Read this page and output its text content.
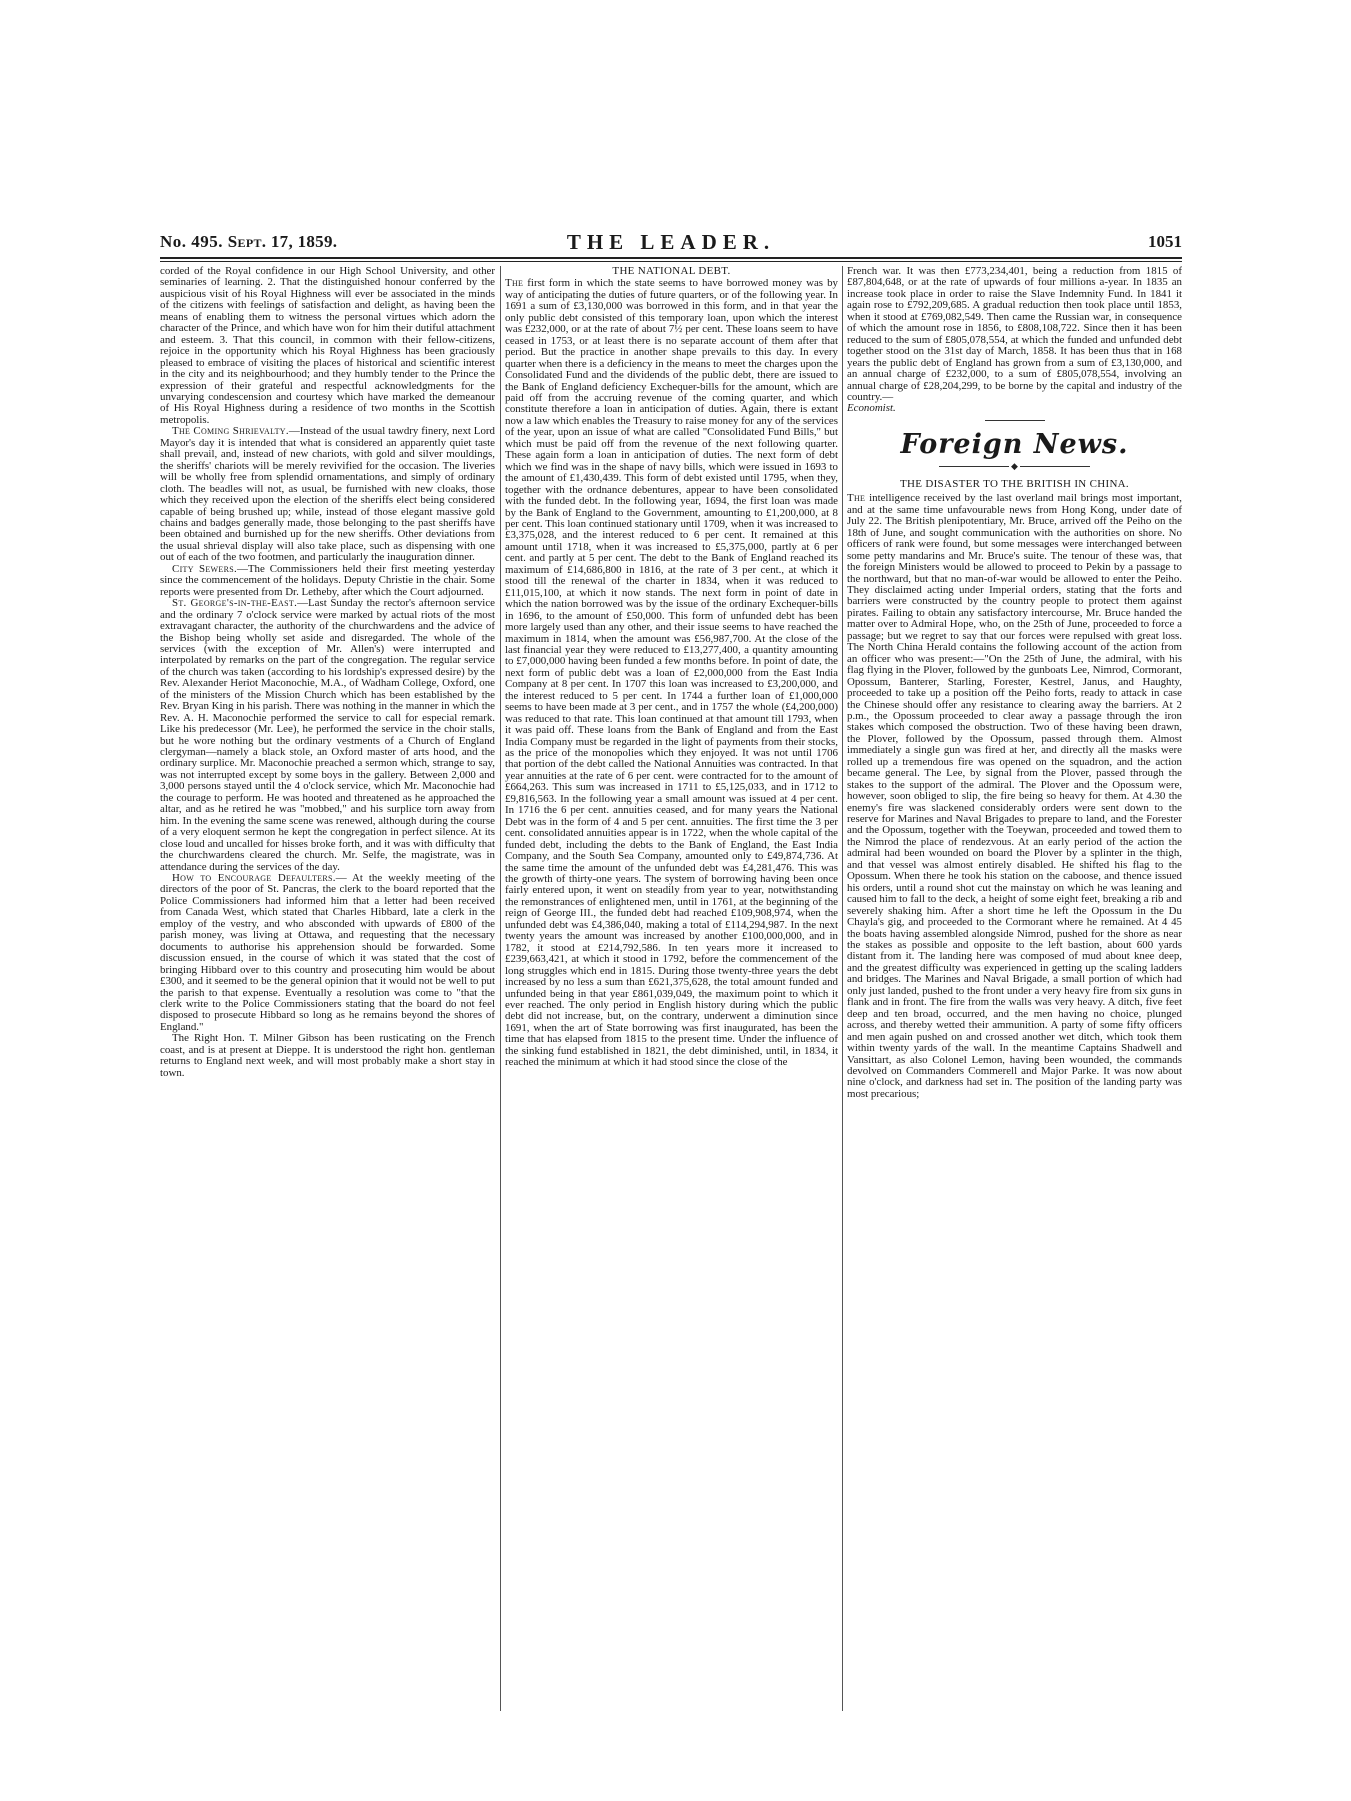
No. 495. Sept. 17, 1859.	THE LEADER.	1051

corded of the Royal confidence in our High School University, and other seminaries of learning. 2. That the distinguished honour conferred by the auspicious visit of his Royal Highness will ever be associated in the minds of the citizens with feelings of satisfaction and delight, as having been the means of enabling them to witness the personal virtues which adorn the character of the Prince, and which have won for him their dutiful attachment and esteem. 3. That this council, in common with their fellow-citizens, rejoice in the opportunity which his Royal Highness has been graciously pleased to embrace of visiting the places of historical and scientific interest in the city and its neighbourhood; and they humbly tender to the Prince the expression of their grateful and respectful acknowledgments for the unvarying condescension and courtesy which have marked the demeanour of His Royal Highness during a residence of two months in the Scottish metropolis.

The Coming Shrievalty.—Instead of the usual tawdry finery, next Lord Mayor's day it is intended that what is considered an apparently quiet taste shall prevail, and, instead of new chariots, with gold and silver mouldings, the sheriffs' chariots will be merely revivified for the occasion. The liveries will be wholly free from splendid ornamentations, and simply of ordinary cloth. The beadles will not, as usual, be furnished with new cloaks, those which they received upon the election of the sheriffs elect being considered capable of being brushed up; while, instead of those elegant massive gold chains and badges generally made, those belonging to the past sheriffs have been obtained and burnished up for the new sheriffs. Other deviations from the usual shrieval display will also take place, such as dispensing with one out of each of the two footmen, and particularly the inauguration dinner.

City Sewers.—The Commissioners held their first meeting yesterday since the commencement of the holidays. Deputy Christie in the chair. Some reports were presented from Dr. Letheby, after which the Court adjourned.

St. George's-in-the-East.—Last Sunday the rector's afternoon service and the ordinary 7 o'clock service were marked by actual riots of the most extravagant character, the authority of the churchwardens and the advice of the Bishop being wholly set aside and disregarded. The whole of the services (with the exception of Mr. Allen's) were interrupted and interpolated by remarks on the part of the congregation. The regular service of the church was taken (according to his lordship's expressed desire) by the Rev. Alexander Heriot Maconochie, M.A., of Wadham College, Oxford, one of the ministers of the Mission Church which has been established by the Rev. Bryan King in his parish. There was nothing in the manner in which the Rev. A. H. Maconochie performed the service to call for especial remark. Like his predecessor (Mr. Lee), he performed the service in the choir stalls, but he wore nothing but the ordinary vestments of a Church of England clergyman—namely a black stole, an Oxford master of arts hood, and the ordinary surplice. Mr. Maconochie preached a sermon which, strange to say, was not interrupted except by some boys in the gallery. Between 2,000 and 3,000 persons stayed until the 4 o'clock service, which Mr. Maconochie had the courage to perform. He was hooted and threatened as he approached the altar, and as he retired he was "mobbed," and his surplice torn away from him. In the evening the same scene was renewed, although during the course of a very eloquent sermon he kept the congregation in perfect silence. At its close loud and uncalled for hisses broke forth, and it was with difficulty that the churchwardens cleared the church. Mr. Selfe, the magistrate, was in attendance during the services of the day.

How to Encourage Defaulters.— At the weekly meeting of the directors of the poor of St. Pancras, the clerk to the board reported that the Police Commissioners had informed him that a letter had been received from Canada West, which stated that Charles Hibbard, late a clerk in the employ of the vestry, and who absconded with upwards of £800 of the parish money, was living at Ottawa, and requesting that the necessary documents to authorise his apprehension should be forwarded. Some discussion ensued, in the course of which it was stated that the cost of bringing Hibbard over to this country and prosecuting him would be about £300, and it seemed to be the general opinion that it would not be well to put the parish to that expense. Eventually a resolution was come to "that the clerk write to the Police Commissioners stating that the board do not feel disposed to prosecute Hibbard so long as he remains beyond the shores of England."

The Right Hon. T. Milner Gibson has been rusticating on the French coast, and is at present at Dieppe. It is understood the right hon. gentleman returns to England next week, and will most probably make a short stay in town.

THE NATIONAL DEBT.

The first form in which the state seems to have borrowed money was by way of anticipating the duties of future quarters, or of the following year. In 1691 a sum of £3,130,000 was borrowed in this form, and in that year the only public debt consisted of this temporary loan, upon which the interest was £232,000, or at the rate of about 7½ per cent. These loans seem to have ceased in 1753, or at least there is no separate account of them after that period. But the practice in another shape prevails to this day. In every quarter when there is a deficiency in the means to meet the charges upon the Consolidated Fund and the dividends of the public debt, there are issued to the Bank of England deficiency Exchequer-bills for the amount, which are paid off from the accruing revenue of the coming quarter, and which constitute therefore a loan in anticipation of duties. Again, there is extant now a law which enables the Treasury to raise money for any of the services of the year, upon an issue of what are called "Consolidated Fund Bills," but which must be paid off from the revenue of the next following quarter. These again form a loan in anticipation of duties. The next form of debt which we find was in the shape of navy bills, which were issued in 1693 to the amount of £1,430,439. This form of debt existed until 1795, when they, together with the ordnance debentures, appear to have been consolidated with the funded debt. In the following year, 1694, the first loan was made by the Bank of England to the Government, amounting to £1,200,000, at 8 per cent. This loan continued stationary until 1709, when it was increased to £3,375,028, and the interest reduced to 6 per cent. It remained at this amount until 1718, when it was increased to £5,375,000, partly at 6 per cent. and partly at 5 per cent. The debt to the Bank of England reached its maximum of £14,686,800 in 1816, at the rate of 3 per cent., at which it stood till the renewal of the charter in 1834, when it was reduced to £11,015,100, at which it now stands. The next form in point of date in which the nation borrowed was by the issue of the ordinary Exchequer-bills in 1696, to the amount of £50,000. This form of unfunded debt has been more largely used than any other, and their issue seems to have reached the maximum in 1814, when the amount was £56,987,700. At the close of the last financial year they were reduced to £13,277,400, a quantity amounting to £7,000,000 having been funded a few months before. In point of date, the next form of public debt was a loan of £2,000,000 from the East India Company at 8 per cent. In 1707 this loan was increased to £3,200,000, and the interest reduced to 5 per cent. In 1744 a further loan of £1,000,000 seems to have been made at 3 per cent., and in 1757 the whole (£4,200,000) was reduced to that rate. This loan continued at that amount till 1793, when it was paid off. These loans from the Bank of England and from the East India Company must be regarded in the light of payments from their stocks, as the price of the monopolies which they enjoyed. It was not until 1706 that portion of the debt called the National Annuities was contracted. In that year annuities at the rate of 6 per cent. were contracted for to the amount of £664,263. This sum was increased in 1711 to £5,125,033, and in 1712 to £9,816,563. In the following year a small amount was issued at 4 per cent. In 1716 the 6 per cent. annuities ceased, and for many years the National Debt was in the form of 4 and 5 per cent. annuities. The first time the 3 per cent. consolidated annuities appear is in 1722, when the whole capital of the funded debt, including the debts to the Bank of England, the East India Company, and the South Sea Company, amounted only to £49,874,736. At the same time the amount of the unfunded debt was £4,281,476. This was the growth of thirty-one years. The system of borrowing having been once fairly entered upon, it went on steadily from year to year, notwithstanding the remonstrances of enlightened men, until in 1761, at the beginning of the reign of George III., the funded debt had reached £109,908,974, when the unfunded debt was £4,386,040, making a total of £114,294,987. In the next twenty years the amount was increased by another £100,000,000, and in 1782, it stood at £214,792,586. In ten years more it increased to £239,663,421, at which it stood in 1792, before the commencement of the long struggles which end in 1815. During those twenty-three years the debt increased by no less a sum than £621,375,628, the total amount funded and unfunded being in that year £861,039,049, the maximum point to which it ever reached. The only period in English history during which the public debt did not increase, but, on the contrary, underwent a diminution since 1691, when the art of State borrowing was first inaugurated, has been the time that has elapsed from 1815 to the present time. Under the influence of the sinking fund established in 1821, the debt diminished, until, in 1834, it reached the minimum at which it had stood since the close of the

French war. It was then £773,234,401, being a reduction from 1815 of £87,804,648, or at the rate of upwards of four millions a-year. In 1835 an increase took place in order to raise the Slave Indemnity Fund. In 1841 it again rose to £792,209,685. A gradual reduction then took place until 1853, when it stood at £769,082,549. Then came the Russian war, in consequence of which the amount rose in 1856, to £808,108,722. Since then it has been reduced to the sum of £805,078,554, at which the funded and unfunded debt together stood on the 31st day of March, 1858. It has been thus that in 168 years the public debt of England has grown from a sum of £3,130,000, and an annual charge of £232,000, to a sum of £805,078,554, involving an annual charge of £28,204,299, to be borne by the capital and industry of the country.—

Economist.

Foreign News.
◆
THE DISASTER TO THE BRITISH IN CHINA.

The intelligence received by the last overland mail brings most important, and at the same time unfavourable news from Hong Kong, under date of July 22. The British plenipotentiary, Mr. Bruce, arrived off the Peiho on the 18th of June, and sought communication with the authorities on shore. No officers of rank were found, but some messages were interchanged between some petty mandarins and Mr. Bruce's suite. The tenour of these was, that the foreign Ministers would be allowed to proceed to Pekin by a passage to the northward, but that no man-of-war would be allowed to enter the Peiho. They disclaimed acting under Imperial orders, stating that the forts and barriers were constructed by the country people to protect them against pirates. Failing to obtain any satisfactory intercourse, Mr. Bruce handed the matter over to Admiral Hope, who, on the 25th of June, proceeded to force a passage; but we regret to say that our forces were repulsed with great loss. The North China Herald contains the following account of the action from an officer who was present:—"On the 25th of June, the admiral, with his flag flying in the Plover, followed by the gunboats Lee, Nimrod, Cormorant, Opossum, Banterer, Starling, Forester, Kestrel, Janus, and Haughty, proceeded to take up a position off the Peiho forts, ready to attack in case the Chinese should offer any resistance to clearing away the barriers. At 2 p.m., the Opossum proceeded to clear away a passage through the iron stakes which composed the obstruction. Two of these having been drawn, the Plover, followed by the Opossum, passed through them. Almost immediately a single gun was fired at her, and directly all the masks were rolled up a tremendous fire was opened on the squadron, and the action became general. The Lee, by signal from the Plover, passed through the stakes to the support of the admiral. The Plover and the Opossum were, however, soon obliged to slip, the fire being so heavy for them. At 4.30 the enemy's fire was slackened considerably orders were sent down to the reserve for Marines and Naval Brigades to prepare to land, and the Forester and the Opossum, together with the Toeywan, proceeded and towed them to the Nimrod the place of rendezvous. At an early period of the action the admiral had been wounded on board the Plover by a splinter in the thigh, and that vessel was almost entirely disabled. He shifted his flag to the Opossum. When there he took his station on the caboose, and thence issued his orders, until a round shot cut the mainstay on which he was leaning and caused him to fall to the deck, a height of some eight feet, breaking a rib and severely shaking him. After a short time he left the Opossum in the Du Chayla's gig, and proceeded to the Cormorant where he remained. At 4 45 the boats having assembled alongside Nimrod, pushed for the shore as near the stakes as possible and opposite to the left bastion, about 600 yards distant from it. The landing here was composed of mud about knee deep, and the greatest difficulty was experienced in getting up the scaling ladders and bridges. The Marines and Naval Brigade, a small portion of which had only just landed, pushed to the front under a very heavy fire from six guns in flank and in front. The fire from the walls was very heavy. A ditch, five feet deep and ten broad, occurred, and the men having no choice, plunged across, and thereby wetted their ammunition. A party of some fifty officers and men again pushed on and crossed another wet ditch, which took them within twenty yards of the wall. In the meantime Captains Shadwell and Vansittart, as also Colonel Lemon, having been wounded, the commands devolved on Commanders Commerell and Major Parke. It was now about nine o'clock, and darkness had set in. The position of the landing party was most precarious;
